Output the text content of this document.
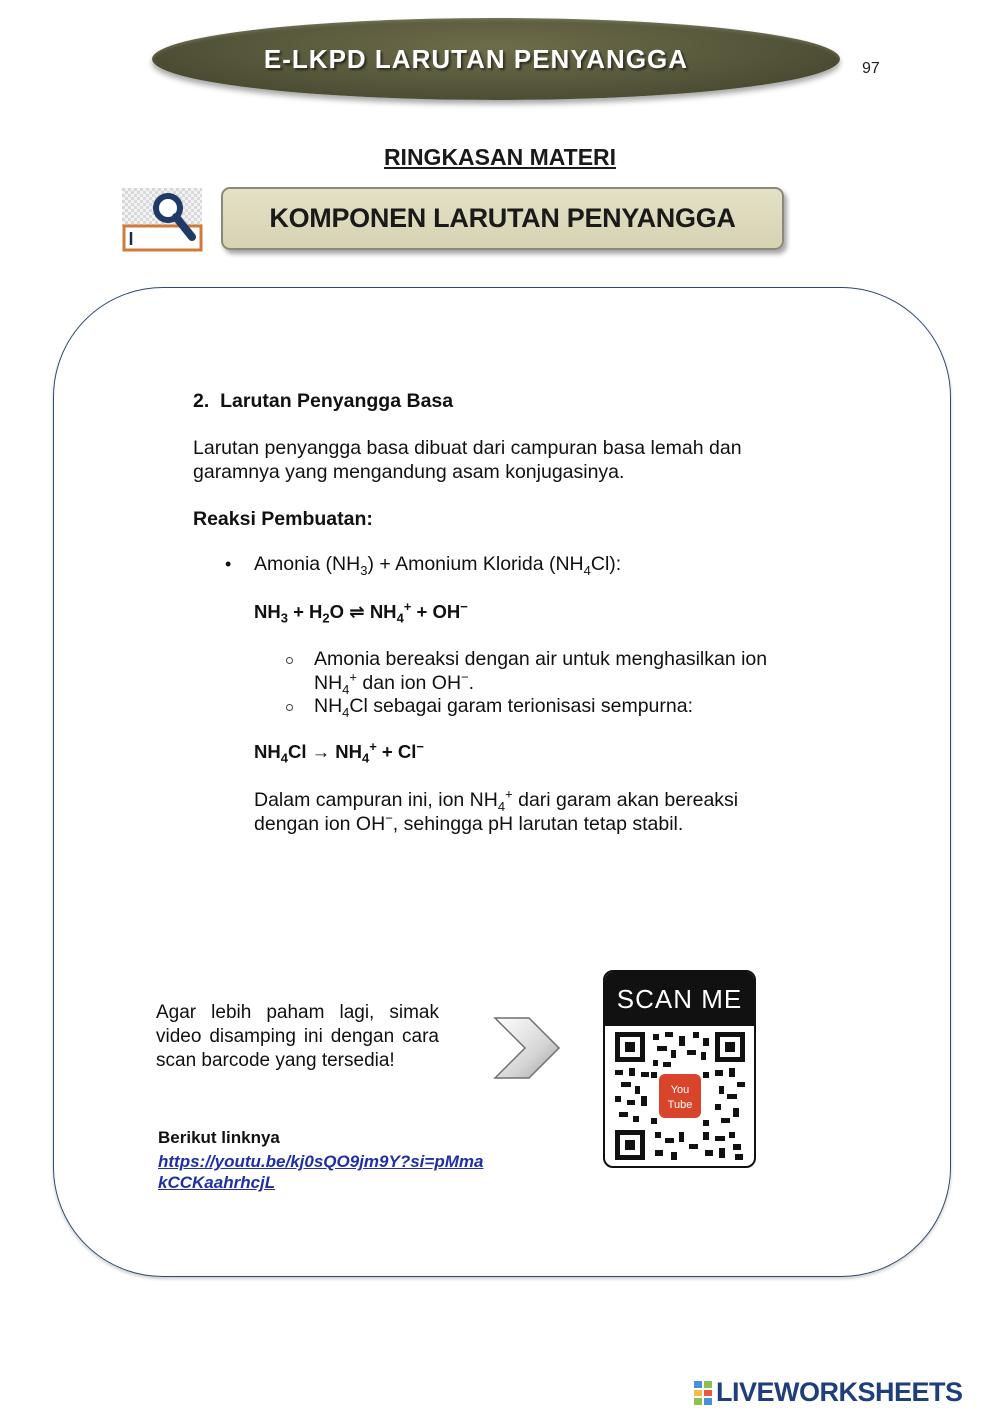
E-LKPD LARUTAN PENYANGGA	97
RINGKASAN MATERI
KOMPONEN LARUTAN PENYANGGA
2. Larutan Penyangga Basa
Larutan penyangga basa dibuat dari campuran basa lemah dan
garamnya yang mengandung asam konjugasinya.
Reaksi Pembuatan:
• Amonia $(NH_3)$ + Amonium Klorida $(NH_4Cl)$:
$NH_3 + H_2O$ ⇌ $NH_4^+ + OH^-$
Amonia bereaksi dengan air untuk menghasilkan ion
$NH_4^+$ dan ion OH−.
$NH_4Cl$ sebagai garam terionisasi sempurna:
$NH_4Cl \to NH_4^+ + Cl^-$
Dalam campuran ini, ion $NH_4^+$ dari garam akan bereaksi
dengan ion OH−, sehingga pH larutan tetap stabil.
Agar lebih paham lagi, simak video disamping ini dengan cara scan barcode yang tersedia!
SCAN ME
You
Tube
Berikut linknya
https://youtu.be/kj0sQO9jm9Y?si=pMmakCCKaahrhcjL
LIVEWORKSHEETS
